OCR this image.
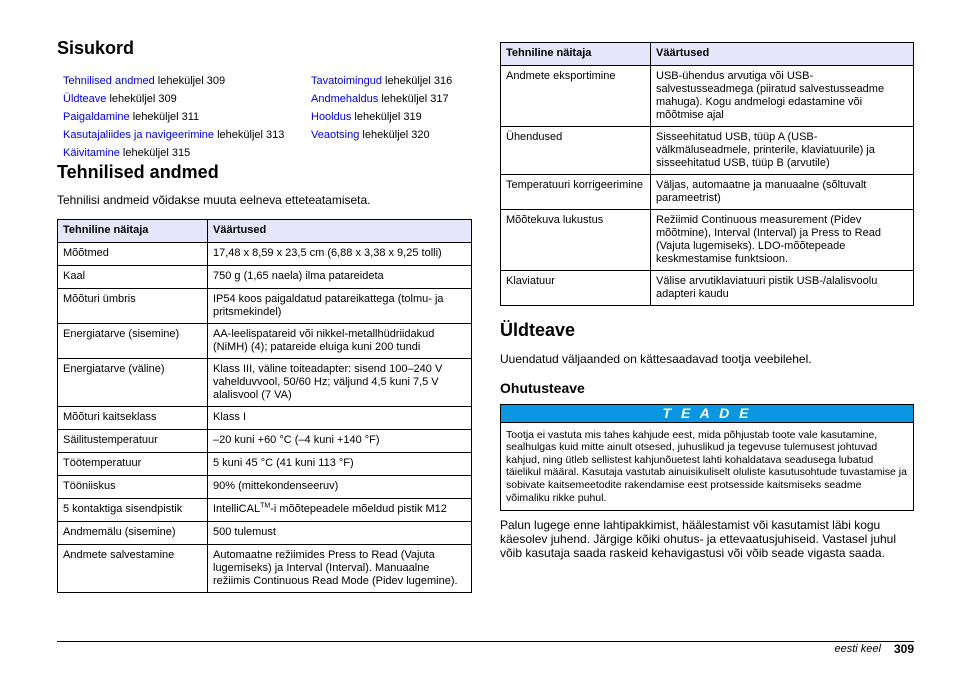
Sisukord
Tehnilised andmed leheküljel 309
Üldteave leheküljel 309
Paigaldamine leheküljel 311
Kasutajaliides ja navigeerimine leheküljel 313
Käivitamine leheküljel 315
Tavatoimingud leheküljel 316
Andmehaldus leheküljel 317
Hooldus leheküljel 319
Veaotsing leheküljel 320
Tehnilised andmed

Tehnilisi andmeid võidakse muuta eelneva etteteatamiseta.

Tehniline näitaja	Väärtused
Mõõtmed	17,48 x 8,59 x 23,5 cm (6,88 x 3,38 x 9,25 tolli)
Kaal	750 g (1,65 naela) ilma patareideta
Mõõturi ümbris	IP54 koos paigaldatud patareikattega (tolmu- ja pritsmekindel)
Energiatarve (sisemine)	AA-leelispatareid või nikkel-metallhüdriidakud (NiMH) (4); patareide eluiga kuni 200 tundi
Energiatarve (väline)	Klass III, väline toiteadapter: sisend 100–240 V vahelduvvool, 50/60 Hz; väljund 4,5 kuni 7,5 V alalisvool (7 VA)
Mõõturi kaitseklass	Klass I
Säilitustemperatuur	–20 kuni +60 °C (–4 kuni +140 °F)
Töötemperatuur	5 kuni 45 °C (41 kuni 113 °F)
Tööniiskus	90% (mittekondenseeruv)
5 kontaktiga sisendpistik	IntelliCAL™-i mõõtepeadele mõeldud pistik M12
Andmemälu (sisemine)	500 tulemust
Andmete salvestamine	Automaatne režiimides Press to Read (Vajuta lugemiseks) ja Interval (Interval). Manuaalne režiimis Continuous Read Mode (Pidev lugemine).
Tehniline näitaja	Väärtused
Andmete eksportimine	USB-ühendus arvutiga või USB-salvestusseadmega (piiratud salvestusseadme mahuga). Kogu andmelogi edastamine või mõõtmise ajal
Ühendused	Sisseehitatud USB, tüüp A (USB-välkmäluseadmele, printerile, klaviatuurile) ja sisseehitatud USB, tüüp B (arvutile)
Temperatuuri korrigeerimine	Väljas, automaatne ja manuaalne (sõltuvalt parameetrist)
Mõõtekuva lukustus	Režiimid Continuous measurement (Pidev mõõtmine), Interval (Interval) ja Press to Read (Vajuta lugemiseks). LDO-mõõtepeade keskmestamise funktsioon.
Klaviatuur	Välise arvutiklaviatuuri pistik USB-/alalisvoolu adapteri kaudu
Üldteave

Uuendatud väljaanded on kättesaadavad tootja veebilehel.

Ohutusteave
T E A D E
Tootja ei vastuta mis tahes kahjude eest, mida põhjustab toote vale kasutamine, sealhulgas kuid mitte ainult otsesed, juhuslikud ja tegevuse tulemusest johtuvad kahjud, ning ütleb sellistest kahjunõuetest lahti kohaldatava seadusega lubatud täielikul määral. Kasutaja vastutab ainuisikuliselt oluliste kasutusohtude tuvastamise ja sobivate kaitsemeetodite rakendamise eest protsesside kaitsmiseks seadme võimaliku rikke puhul.

Palun lugege enne lahtipakkimist, häälestamist või kasutamist läbi kogu käesolev juhend. Järgige kõiki ohutus- ja ettevaatusjuhiseid. Vastasel juhul võib kasutaja saada raskeid kehavigastusi või võib seade vigasta saada.

eesti keel 309
